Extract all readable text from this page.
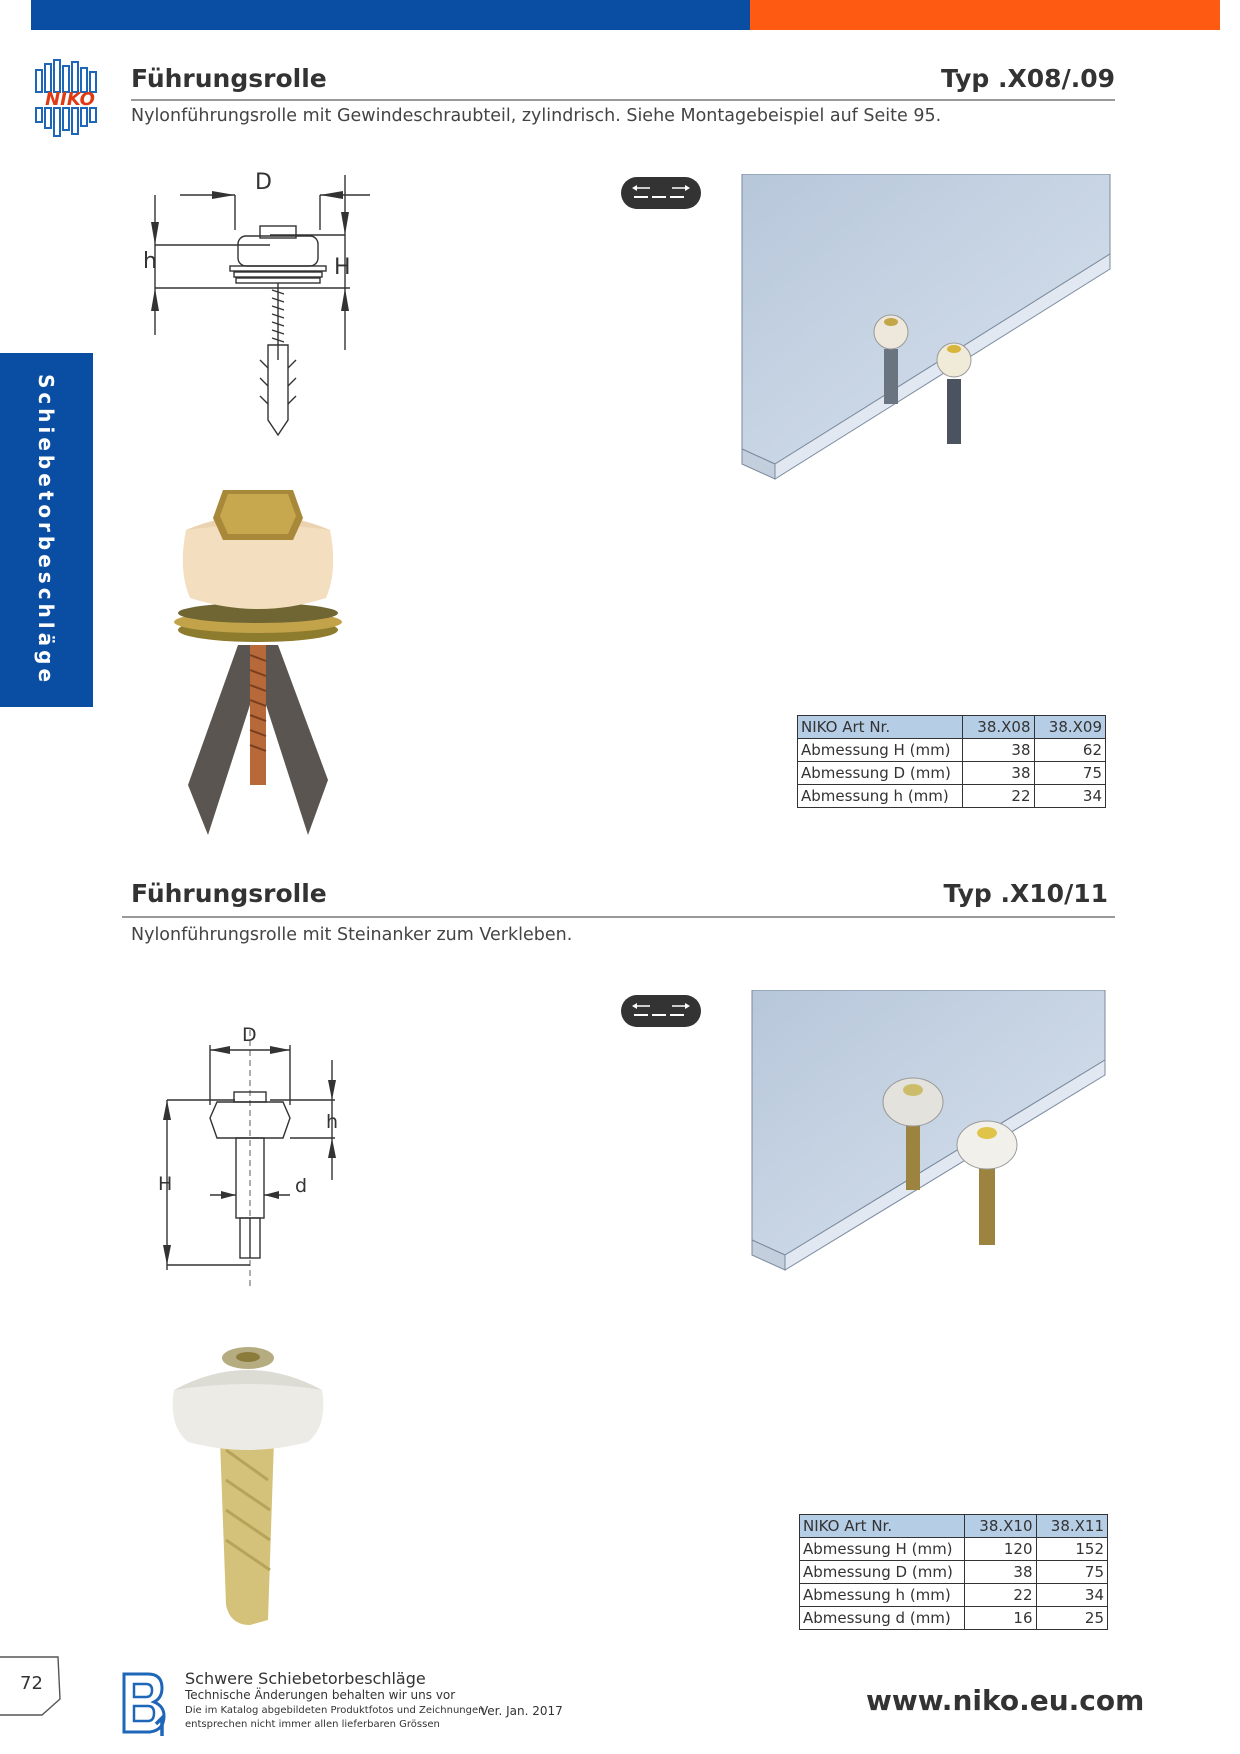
NIKO
Schiebetorbeschläge
Führungsrolle	Typ .X08/.09
Nylonführungsrolle mit Gewindeschraubteil, zylindrisch. Siehe Montagebeispiel auf Seite 95.
D
h	H
NIKO Art Nr.	38.X08	38.X09
Abmessung H (mm)	38	62
Abmessung D (mm)	38	75
Abmessung h (mm)	22	34
Führungsrolle	Typ .X10/11
Nylonführungsrolle mit Steinanker zum Verkleben.
D
h
H	d
NIKO Art Nr.	38.X10	38.X11
Abmessung H (mm)	120	152
Abmessung D (mm)	38	75
Abmessung h (mm)	22	34
Abmessung d (mm)	16	25
72	Schwere Schiebetorbeschläge
Technische Änderungen behalten wir uns vor
Die im Katalog abgebildeten Produktfotos und Zeichnungen
entsprechen nicht immer allen lieferbaren Grössen
Ver. Jan. 2017	www.niko.eu.com
